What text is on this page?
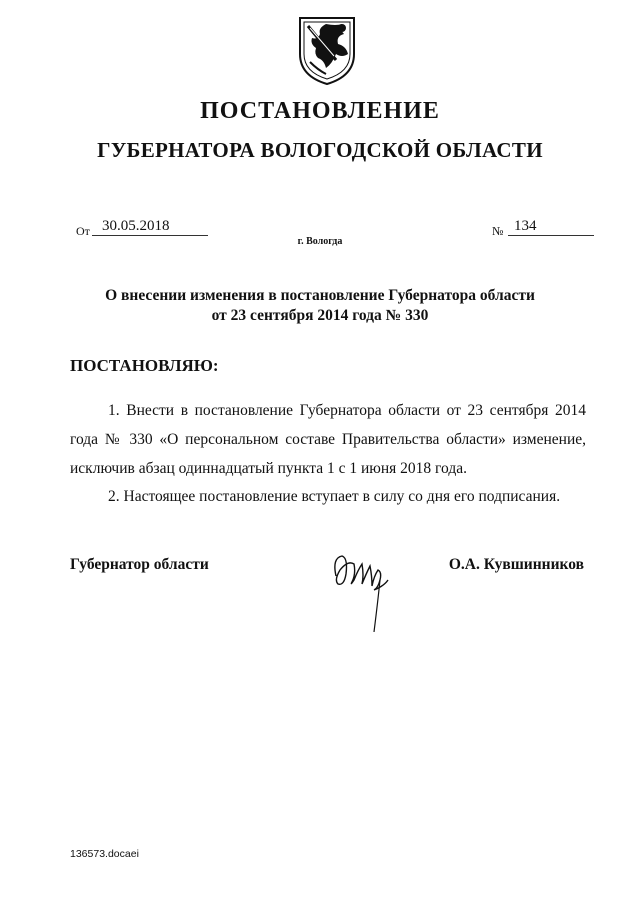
ПОСТАНОВЛЕНИЕ
ГУБЕРНАТОРА ВОЛОГОДСКОЙ ОБЛАСТИ
От 30.05.2018	№ 134
г. Вологда
О внесении изменения в постановление Губернатора области
от 23 сентября 2014 года № 330
ПОСТАНОВЛЯЮ:

1. Внести в постановление Губернатора области от 23 сентября 2014 года № 330 «О персональном составе Правительства области» изменение, исключив абзац одиннадцатый пункта 1 с 1 июня 2018 года.

2. Настоящее постановление вступает в силу со дня его подписания.

Губернатор области	О.А. Кувшинников
136573.docaei
